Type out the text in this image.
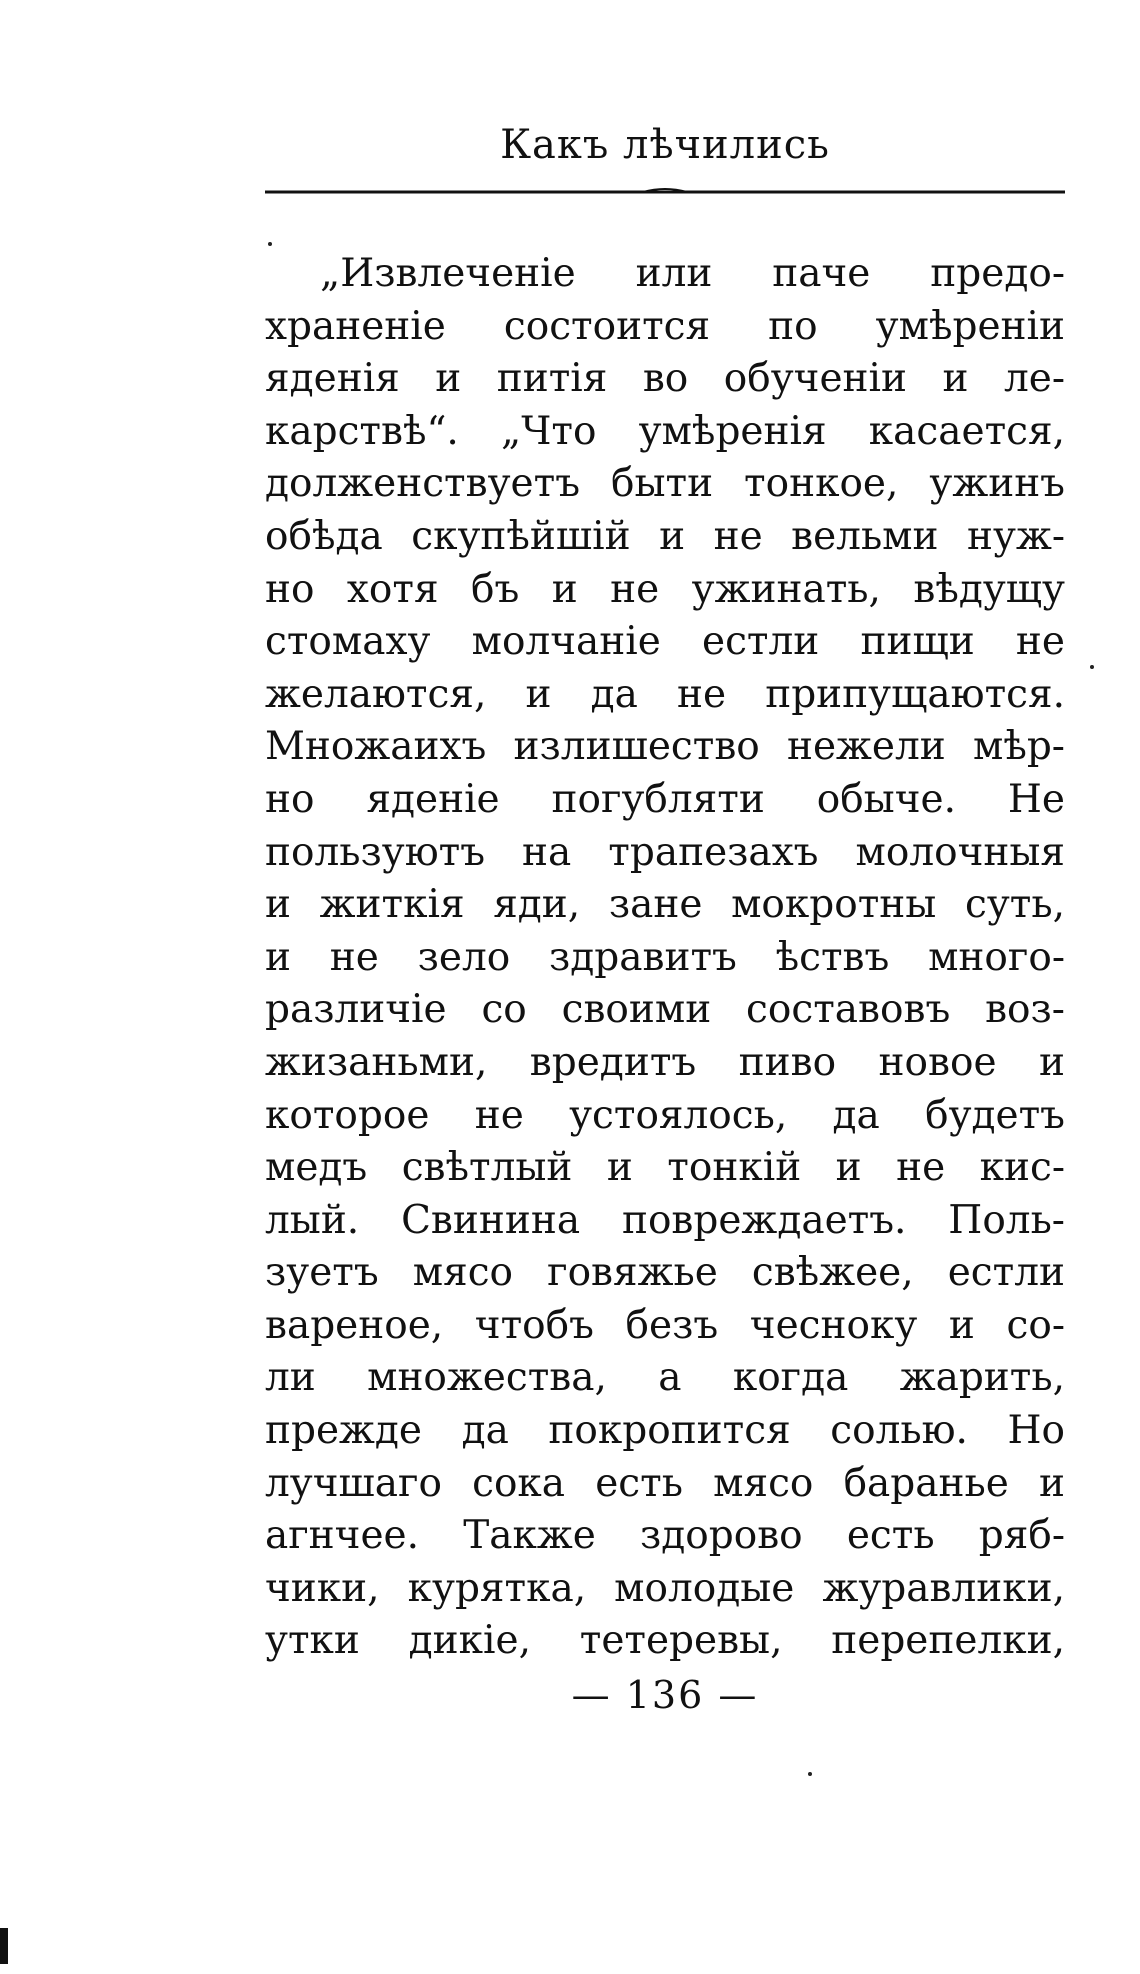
Какъ лѣчились
„Извлеченіе или паче предо-
храненіе состоится по умѣреніи
яденія и питія во обученіи и ле-
карствѣ“. „Что умѣренія касается,
долженствуетъ быти тонкое, ужинъ
обѣда скупѣйшій и не вельми нуж-
но хотя бъ и не ужинать, вѣдущу
стомаху молчаніе естли пищи не
желаются, и да не припущаются.
Множаихъ излишество нежели мѣр-
но яденіе погубляти обыче. Не
пользуютъ на трапезахъ молочныя
и житкія яди, зане мокротны суть,
и не зело здравитъ ѣствъ много-
различіе со своими составовъ воз-
жизаньми, вредитъ пиво новое и
которое не устоялось, да будетъ
медъ свѣтлый и тонкій и не кис-
лый. Свинина повреждаетъ. Поль-
зуетъ мясо говяжье свѣжее, естли
вареное, чтобъ безъ чесноку и со-
ли множества, а когда жарить,
прежде да покропится солью. Но
лучшаго сока есть мясо баранье и
агнчее. Также здорово есть ряб-
чики, курятка, молодые журавлики,
утки дикіе, тетеревы, перепелки,
— 136 —
